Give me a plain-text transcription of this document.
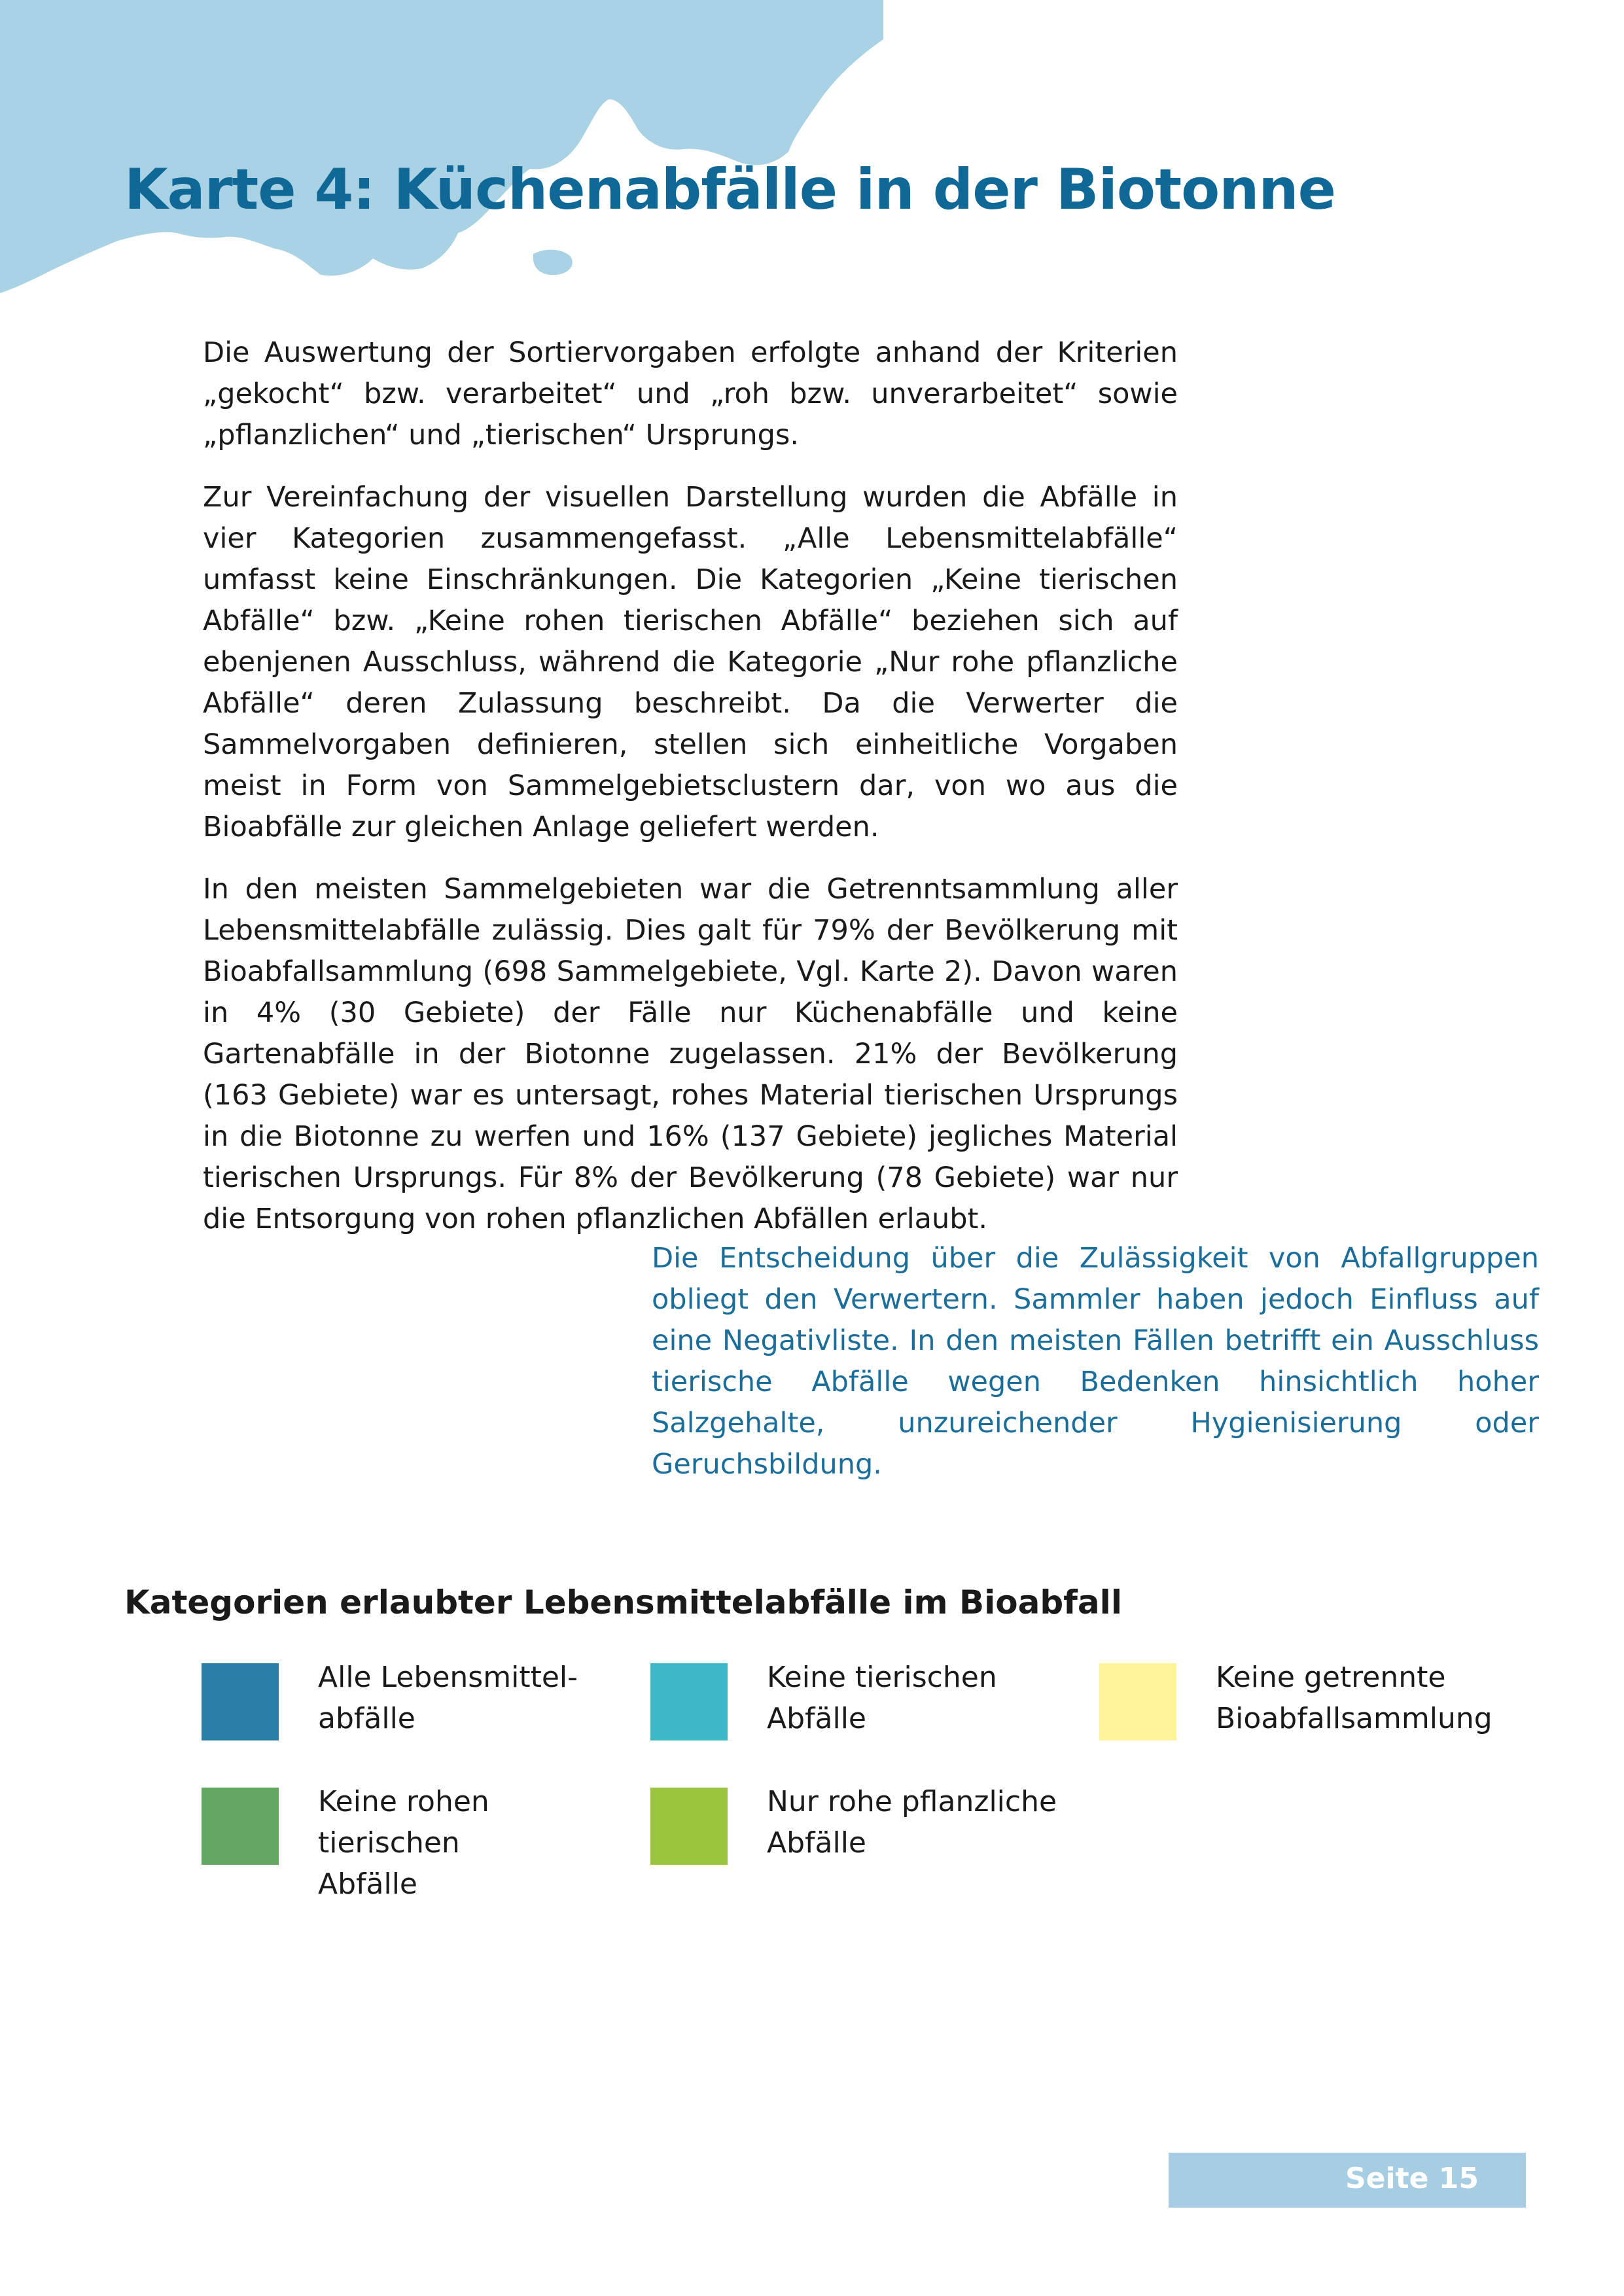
Karte 4: Küchenabfälle in der Biotonne

Die Auswertung der Sortiervorgaben erfolgte anhand der Kriterien „gekocht“ bzw. verarbeitet“ und „roh bzw. unverarbeitet“ sowie „pflanzlichen“ und „tierischen“ Ursprungs.

Zur Vereinfachung der visuellen Darstellung wurden die Abfälle in vier Kategorien zusammengefasst. „Alle Lebensmittelabfälle“ umfasst keine Einschränkungen. Die Kategorien „Keine tierischen Abfälle“ bzw. „Keine rohen tierischen Abfälle“ beziehen sich auf ebenjenen Ausschluss, während die Kategorie „Nur rohe pflanzliche Abfälle“ deren Zulassung beschreibt. Da die Verwerter die Sammelvorgaben definieren, stellen sich einheitliche Vorgaben meist in Form von Sammelgebietsclustern dar, von wo aus die Bioabfälle zur gleichen Anlage geliefert werden.

In den meisten Sammelgebieten war die Getrenntsammlung aller Lebensmittelabfälle zulässig. Dies galt für 79% der Bevölkerung mit Bioabfallsammlung (698 Sammelgebiete, Vgl. Karte 2). Davon waren in 4% (30 Gebiete) der Fälle nur Küchenabfälle und keine Gartenabfälle in der Biotonne zugelassen. 21% der Bevölkerung (163 Gebiete) war es untersagt, rohes Material tierischen Ursprungs in die Biotonne zu werfen und 16% (137 Gebiete) jegliches Material tierischen Ursprungs. Für 8% der Bevölkerung (78 Gebiete) war nur die Entsorgung von rohen pflanzlichen Abfällen erlaubt.

Die Entscheidung über die Zulässigkeit von Abfallgruppen obliegt den Verwertern. Sammler haben jedoch Einfluss auf eine Negativliste. In den meisten Fällen betrifft ein Ausschluss tierische Abfälle wegen Bedenken hinsichtlich hoher Salzgehalte, unzureichender Hygienisierung oder Geruchsbildung.

Kategorien erlaubter Lebensmittelabfälle im Bioabfall
Alle Lebensmittel-
abfälle
Keine tierischen
Abfälle
Keine getrennte
Bioabfallsammlung
Keine rohen tierischen
Abfälle
Nur rohe pflanzliche
Abfälle
Seite 15
